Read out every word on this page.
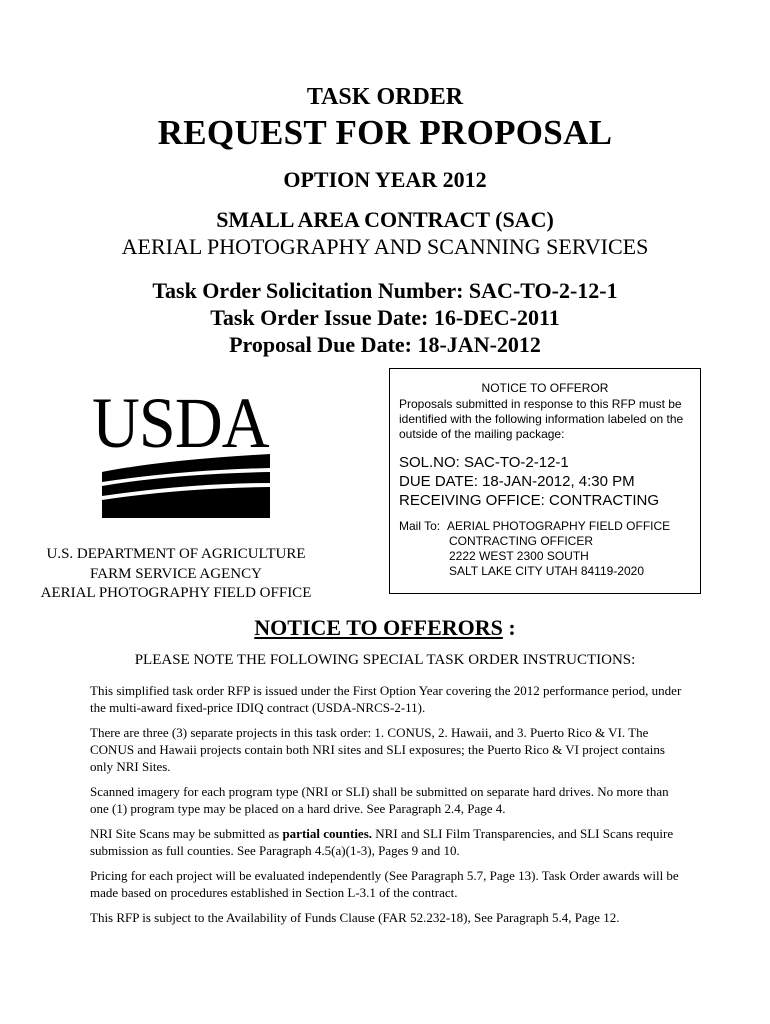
TASK ORDER
REQUEST FOR PROPOSAL
OPTION YEAR 2012
SMALL AREA CONTRACT (SAC)
AERIAL PHOTOGRAPHY AND SCANNING SERVICES
Task Order Solicitation Number: SAC-TO-2-12-1
Task Order Issue Date: 16-DEC-2011
Proposal Due Date: 18-JAN-2012
USDA
U.S. DEPARTMENT OF AGRICULTURE
FARM SERVICE AGENCY
AERIAL PHOTOGRAPHY FIELD OFFICE
NOTICE TO OFFEROR
Proposals submitted in response to this RFP must be
identified with the following information labeled on the
outside of the mailing package:
SOL.NO: SAC-TO-2-12-1
DUE DATE: 18-JAN-2012, 4:30 PM
RECEIVING OFFICE: CONTRACTING
Mail To: AERIAL PHOTOGRAPHY FIELD OFFICE
CONTRACTING OFFICER
2222 WEST 2300 SOUTH
SALT LAKE CITY UTAH 84119-2020
NOTICE TO OFFERORS :
PLEASE NOTE THE FOLLOWING SPECIAL TASK ORDER INSTRUCTIONS:

This simplified task order RFP is issued under the First Option Year covering the 2012 performance period, under the multi-award fixed-price IDIQ contract (USDA-NRCS-2-11).

There are three (3) separate projects in this task order: 1. CONUS, 2. Hawaii, and 3. Puerto Rico & VI. The CONUS and Hawaii projects contain both NRI sites and SLI exposures; the Puerto Rico & VI project contains only NRI Sites.

Scanned imagery for each program type (NRI or SLI) shall be submitted on separate hard drives. No more than one (1) program type may be placed on a hard drive. See Paragraph 2.4, Page 4.

NRI Site Scans may be submitted as partial counties. NRI and SLI Film Transparencies, and SLI Scans require submission as full counties. See Paragraph 4.5(a)(1-3), Pages 9 and 10.

Pricing for each project will be evaluated independently (See Paragraph 5.7, Page 13). Task Order awards will be made based on procedures established in Section L-3.1 of the contract.

This RFP is subject to the Availability of Funds Clause (FAR 52.232-18), See Paragraph 5.4, Page 12.
